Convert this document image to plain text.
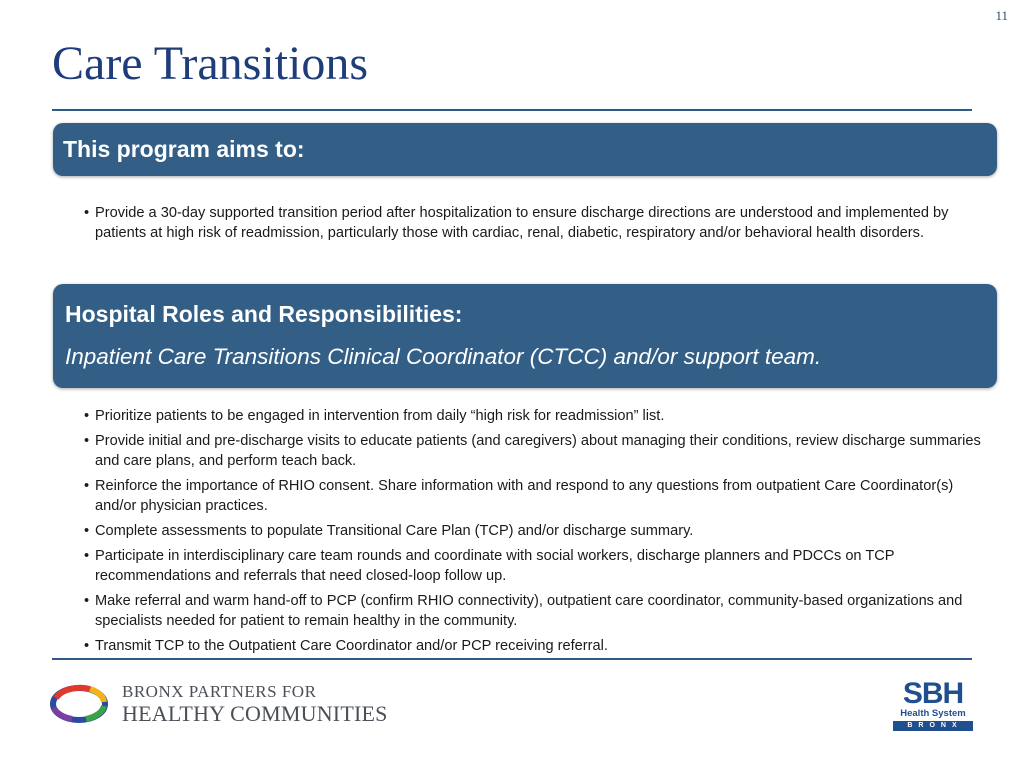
11
Care Transitions
This program aims to:
• Provide a 30-day supported transition period after hospitalization to ensure discharge directions are understood and implemented by patients at high risk of readmission, particularly those with cardiac, renal, diabetic, respiratory and/or behavioral health disorders.
Hospital Roles and Responsibilities:
Inpatient Care Transitions Clinical Coordinator (CTCC) and/or support team.
• Prioritize patients to be engaged in intervention from daily “high risk for readmission” list.
• Provide initial and pre-discharge visits to educate patients (and caregivers) about managing their conditions, review discharge summaries and care plans, and perform teach back.
• Reinforce the importance of RHIO consent. Share information with and respond to any questions from outpatient Care Coordinator(s) and/or physician practices.
• Complete assessments to populate Transitional Care Plan (TCP) and/or discharge summary.
• Participate in interdisciplinary care team rounds and coordinate with social workers, discharge planners and PDCCs on TCP recommendations and referrals that need closed-loop follow up.
• Make referral and warm hand-off to PCP (confirm RHIO connectivity), outpatient care coordinator, community-based organizations and specialists needed for patient to remain healthy in the community.
• Transmit TCP to the Outpatient Care Coordinator and/or PCP receiving referral.
BRONX PARTNERS FOR
HEALTHY COMMUNITIES
SBH
Health System
BRONX
